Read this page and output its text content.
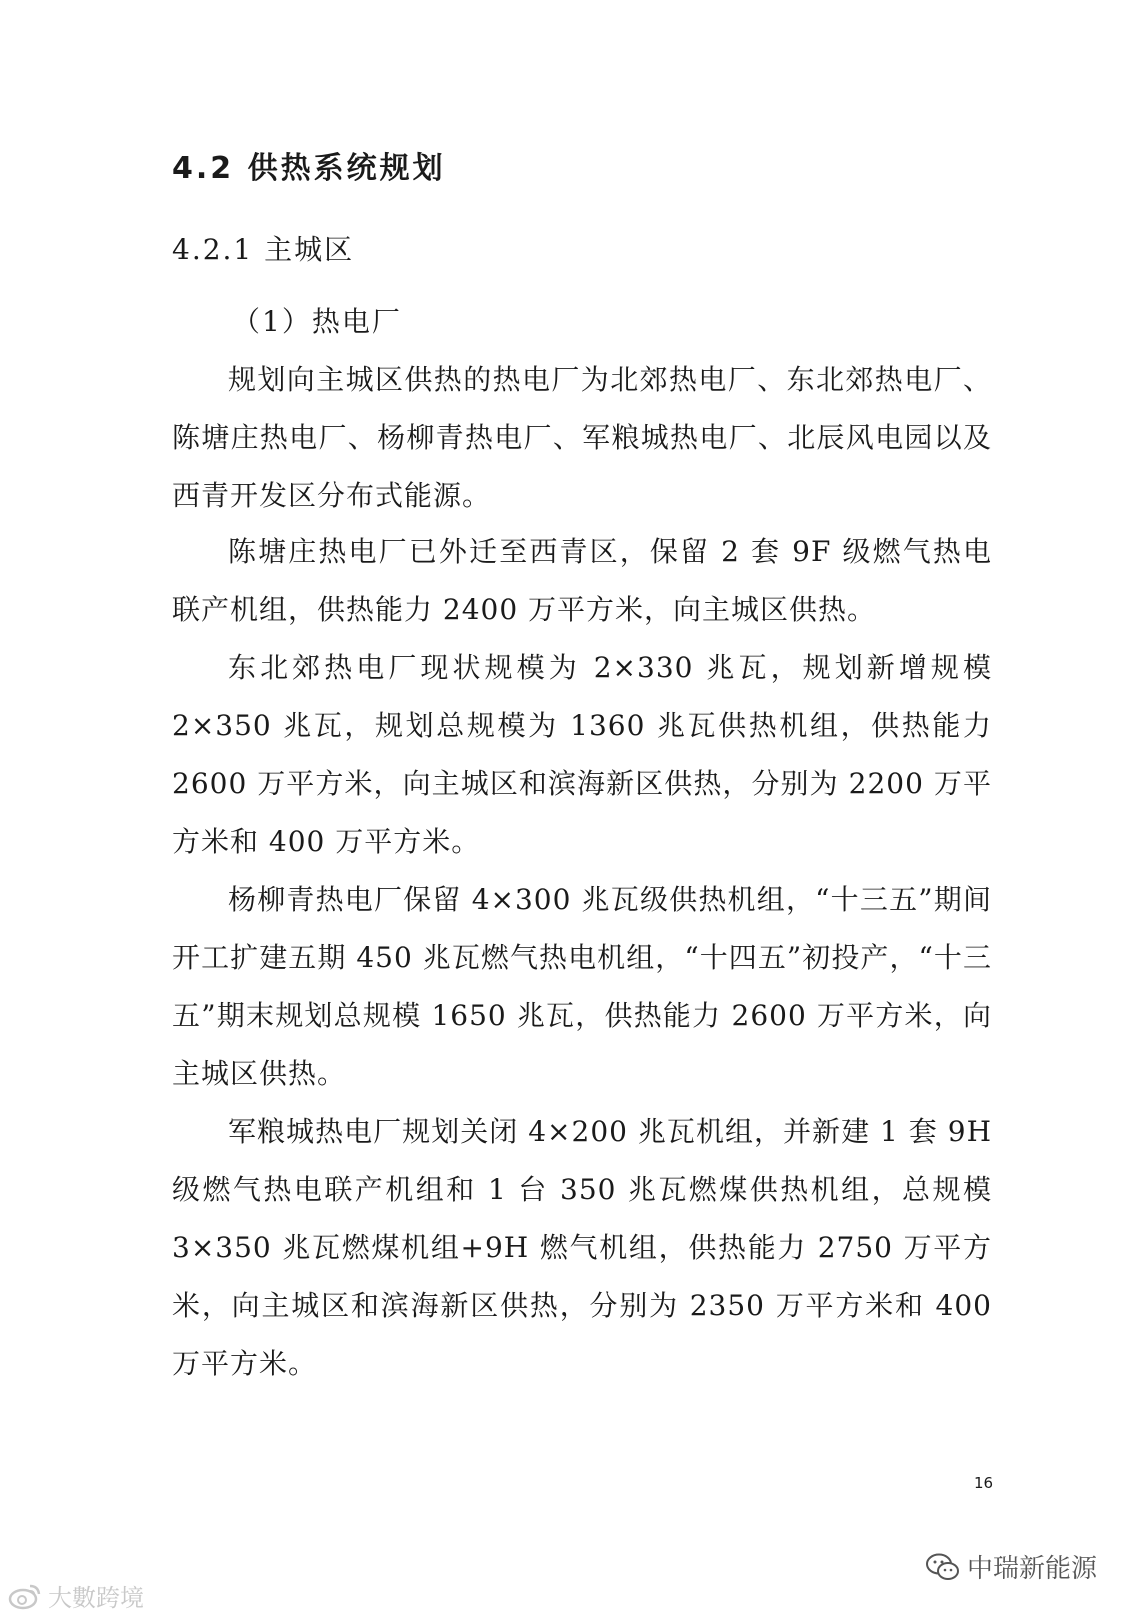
4.2 供热系统规划
4.2.1 主城区
（1）热电厂

规划向主城区供热的热电厂为北郊热电厂、东北郊热电厂、陈塘庄热电厂、杨柳青热电厂、军粮城热电厂、北辰风电园以及西青开发区分布式能源。

陈塘庄热电厂已外迁至西青区，保留 2 套 9F 级燃气热电联产机组，供热能力 2400 万平方米，向主城区供热。

东北郊热电厂现状规模为 2×330 兆瓦，规划新增规模 2×350 兆瓦，规划总规模为 1360 兆瓦供热机组，供热能力 2600 万平方米，向主城区和滨海新区供热，分别为 2200 万平方米和 400 万平方米。

杨柳青热电厂保留 4×300 兆瓦级供热机组，“十三五”期间开工扩建五期 450 兆瓦燃气热电机组，“十四五”初投产，“十三五”期末规划总规模 1650 兆瓦，供热能力 2600 万平方米，向主城区供热。

军粮城热电厂规划关闭 4×200 兆瓦机组，并新建 1 套 9H 级燃气热电联产机组和 1 台 350 兆瓦燃煤供热机组，总规模 3×350 兆瓦燃煤机组+9H 燃气机组，供热能力 2750 万平方米，向主城区和滨海新区供热，分别为 2350 万平方米和 400 万平方米。

16
大數跨境
中瑞新能源
